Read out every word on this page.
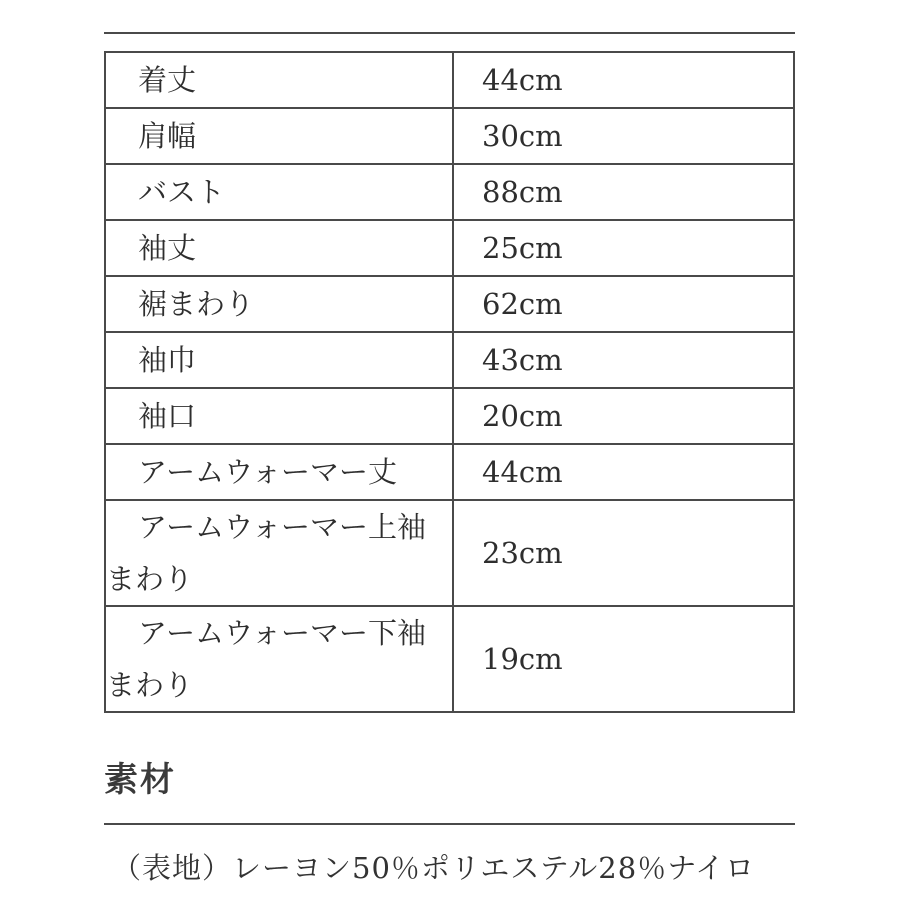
着丈	44cm
肩幅	30cm
バスト	88cm
袖丈	25cm
裾まわり	62cm
袖巾	43cm
袖口	20cm
アームウォーマー丈	44cm
アームウォーマー上袖まわり	23cm
アームウォーマー下袖まわり	19cm
素材
（表地）レーヨン50％ポリエステル28％ナイロ
